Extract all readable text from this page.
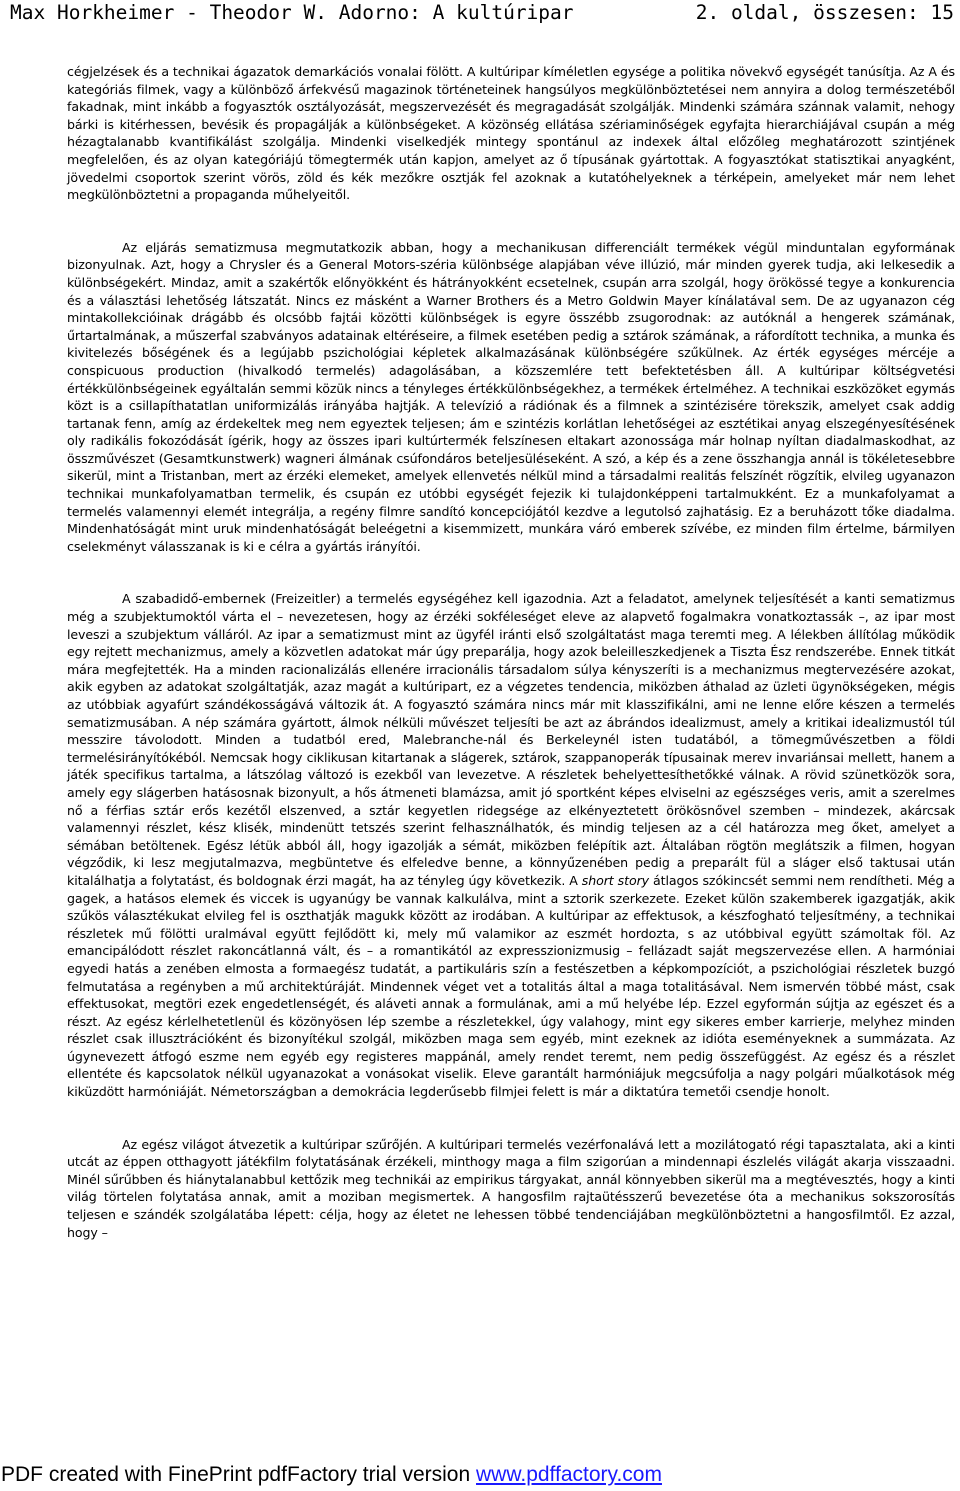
Max Horkheimer - Theodor W. Adorno: A kultúripar	2. oldal, összesen: 15

cégjelzések és a technikai ágazatok demarkációs vonalai fölött. A kultúripar kíméletlen egysége a politika növekvő egységét tanúsítja. Az A és kategóriás filmek, vagy a különböző árfekvésű magazinok történeteinek hangsúlyos megkülönböztetései nem annyira a dolog természetéből fakadnak, mint inkább a fogyasztók osztályozását, megszervezését és megragadását szolgálják. Mindenki számára szánnak valamit, nehogy bárki is kitérhessen, bevésik és propagálják a különbségeket. A közönség ellátása szériaminőségek egyfajta hierarchiájával csupán a még hézagtalanabb kvantifikálást szolgálja. Mindenki viselkedjék mintegy spontánul az indexek által előzőleg meghatározott szintjének megfelelően, és az olyan kategóriájú tömegtermék után kapjon, amelyet az ő típusának gyártottak. A fogyasztókat statisztikai anyagként, jövedelmi csoportok szerint vörös, zöld és kék mezőkre osztják fel azoknak a kutatóhelyeknek a térképein, amelyeket már nem lehet megkülönböztetni a propaganda műhelyeitől.

Az eljárás sematizmusa megmutatkozik abban, hogy a mechanikusan differenciált termékek végül minduntalan egyformának bizonyulnak. Azt, hogy a Chrysler és a General Motors-széria különbsége alapjában véve illúzió, már minden gyerek tudja, aki lelkesedik a különbségekért. Mindaz, amit a szakértők előnyökként és hátrányokként ecsetelnek, csupán arra szolgál, hogy örökössé tegye a konkurencia és a választási lehetőség látszatát. Nincs ez másként a Warner Brothers és a Metro Goldwin Mayer kínálatával sem. De az ugyanazon cég mintakollekcióinak drágább és olcsóbb fajtái közötti különbségek is egyre összébb zsugorodnak: az autóknál a hengerek számának, űrtartalmának, a műszerfal szabványos adatainak eltéréseire, a filmek esetében pedig a sztárok számának, a ráfordított technika, a munka és kivitelezés bőségének és a legújabb pszichológiai képletek alkalmazásának különbségére szűkülnek. Az érték egységes mércéje a conspicuous production (hivalkodó termelés) adagolásában, a közszemlére tett befektetésben áll. A kultúripar költségvetési értékkülönbségeinek egyáltalán semmi közük nincs a tényleges értékkülönbségekhez, a termékek értelméhez. A technikai eszközöket egymás közt is a csillapíthatatlan uniformizálás irányába hajtják. A televízió a rádiónak és a filmnek a szintézisére törekszik, amelyet csak addig tartanak fenn, amíg az érdekeltek meg nem egyeztek teljesen; ám e szintézis korlátlan lehetőségei az esztétikai anyag elszegényesítésének oly radikális fokozódását ígérik, hogy az összes ipari kultúrtermék felszínesen eltakart azonossága már holnap nyíltan diadalmaskodhat, az összművészet (Gesamtkunstwerk) wagneri álmának csúfondáros beteljesüléseként. A szó, a kép és a zene összhangja annál is tökéletesebbre sikerül, mint a Tristanban, mert az érzéki elemeket, amelyek ellenvetés nélkül mind a társadalmi realitás felszínét rögzítik, elvileg ugyanazon technikai munkafolyamatban termelik, és csupán ez utóbbi egységét fejezik ki tulajdonképpeni tartalmukként. Ez a munkafolyamat a termelés valamennyi elemét integrálja, a regény filmre sandító koncepciójától kezdve a legutolsó zajhatásig. Ez a beruházott tőke diadalma. Mindenhatóságát mint uruk mindenhatóságát beleégetni a kisemmizett, munkára váró emberek szívébe, ez minden film értelme, bármilyen cselekményt válasszanak is ki e célra a gyártás irányítói.

A szabadidő-embernek (Freizeitler) a termelés egységéhez kell igazodnia. Azt a feladatot, amelynek teljesítését a kanti sematizmus még a szubjektumoktól várta el – nevezetesen, hogy az érzéki sokféleséget eleve az alapvető fogalmakra vonatkoztassák –, az ipar most leveszi a szubjektum válláról. Az ipar a sematizmust mint az ügyfél iránti első szolgáltatást maga teremti meg. A lélekben állítólag működik egy rejtett mechanizmus, amely a közvetlen adatokat már úgy preparálja, hogy azok beleilleszkedjenek a Tiszta Ész rendszerébe. Ennek titkát mára megfejtették. Ha a minden racionalizálás ellenére irracionális társadalom súlya kényszeríti is a mechanizmus megtervezésére azokat, akik egyben az adatokat szolgáltatják, azaz magát a kultúripart, ez a végzetes tendencia, miközben áthalad az üzleti ügynökségeken, mégis az utóbbiak agyafúrt szándékosságává változik át. A fogyasztó számára nincs már mit klasszifikálni, ami ne lenne előre készen a termelés sematizmusában. A nép számára gyártott, álmok nélküli művészet teljesíti be azt az ábrándos idealizmust, amely a kritikai idealizmustól túl messzire távolodott. Minden a tudatból ered, Malebranche-nál és Berkeleynél isten tudatából, a tömegművészetben a földi termelésirányítókéból. Nemcsak hogy ciklikusan kitartanak a slágerek, sztárok, szappanoperák típusainak merev invariánsai mellett, hanem a játék specifikus tartalma, a látszólag változó is ezekből van levezetve. A részletek behelyettesíthetőkké válnak. A rövid szünetközök sora, amely egy slágerben hatásosnak bizonyult, a hős átmeneti blamázsa, amit jó sportként képes elviselni az egészséges veris, amit a szerelmes nő a férfias sztár erős kezétől elszenved, a sztár kegyetlen ridegsége az elkényeztetett örökösnővel szemben – mindezek, akárcsak valamennyi részlet, kész klisék, mindenütt tetszés szerint felhasználhatók, és mindig teljesen az a cél határozza meg őket, amelyet a sémában betöltenek. Egész létük abból áll, hogy igazolják a sémát, miközben felépítik azt. Általában rögtön meglátszik a filmen, hogyan végződik, ki lesz megjutalmazva, megbüntetve és elfeledve benne, a könnyűzenében pedig a preparált fül a sláger első taktusai után kitalálhatja a folytatást, és boldognak érzi magát, ha az tényleg úgy következik. A short story átlagos szókincsét semmi nem rendítheti. Még a gagek, a hatásos elemek és viccek is ugyanúgy be vannak kalkulálva, mint a sztorik szerkezete. Ezeket külön szakemberek igazgatják, akik szűkös választékukat elvileg fel is oszthatják magukk között az irodában. A kultúripar az effektusok, a készfogható teljesítmény, a technikai részletek mű fölötti uralmával együtt fejlődött ki, mely mű valamikor az eszmét hordozta, s az utóbbival együtt számoltak föl. Az emancipálódott részlet rakoncátlanná vált, és – a romantikától az expresszionizmusig – fellázadt saját megszervezése ellen. A harmóniai egyedi hatás a zenében elmosta a formaegész tudatát, a partikuláris szín a festészetben a képkompozíciót, a pszichológiai részletek buzgó felmutatása a regényben a mű architektúráját. Mindennek véget vet a totalitás által a maga totalitásával. Nem ismervén többé mást, csak effektusokat, megtöri ezek engedetlenségét, és aláveti annak a formulának, ami a mű helyébe lép. Ezzel egyformán sújtja az egészet és a részt. Az egész kérlelhetetlenül és közönyösen lép szembe a részletekkel, úgy valahogy, mint egy sikeres ember karrierje, melyhez minden részlet csak illusztrációként és bizonyítékul szolgál, miközben maga sem egyéb, mint ezeknek az idióta eseményeknek a summázata. Az úgynevezett átfogó eszme nem egyéb egy registeres mappánál, amely rendet teremt, nem pedig összefüggést. Az egész és a részlet ellentéte és kapcsolatok nélkül ugyanazokat a vonásokat viselik. Eleve garantált harmóniájuk megcsúfolja a nagy polgári műalkotások még kiküzdött harmóniáját. Németországban a demokrácia legderűsebb filmjei felett is már a diktatúra temetői csendje honolt.

Az egész világot átvezetik a kultúripar szűrőjén. A kultúripari termelés vezérfonalává lett a mozilátogató régi tapasztalata, aki a kinti utcát az éppen otthagyott játékfilm folytatásának érzékeli, minthogy maga a film szigorúan a mindennapi észlelés világát akarja visszaadni. Minél sűrűbben és hiánytalanabbul kettőzik meg technikái az empirikus tárgyakat, annál könnyebben sikerül ma a megtévesztés, hogy a kinti világ törtelen folytatása annak, amit a moziban megismertek. A hangosfilm rajtaütésszerű bevezetése óta a mechanikus sokszorosítás teljesen e szándék szolgálatába lépett: célja, hogy az életet ne lehessen többé tendenciájában megkülönböztetni a hangosfilmtől. Ez azzal, hogy –

PDF created with FinePrint pdfFactory trial version www.pdffactory.com
